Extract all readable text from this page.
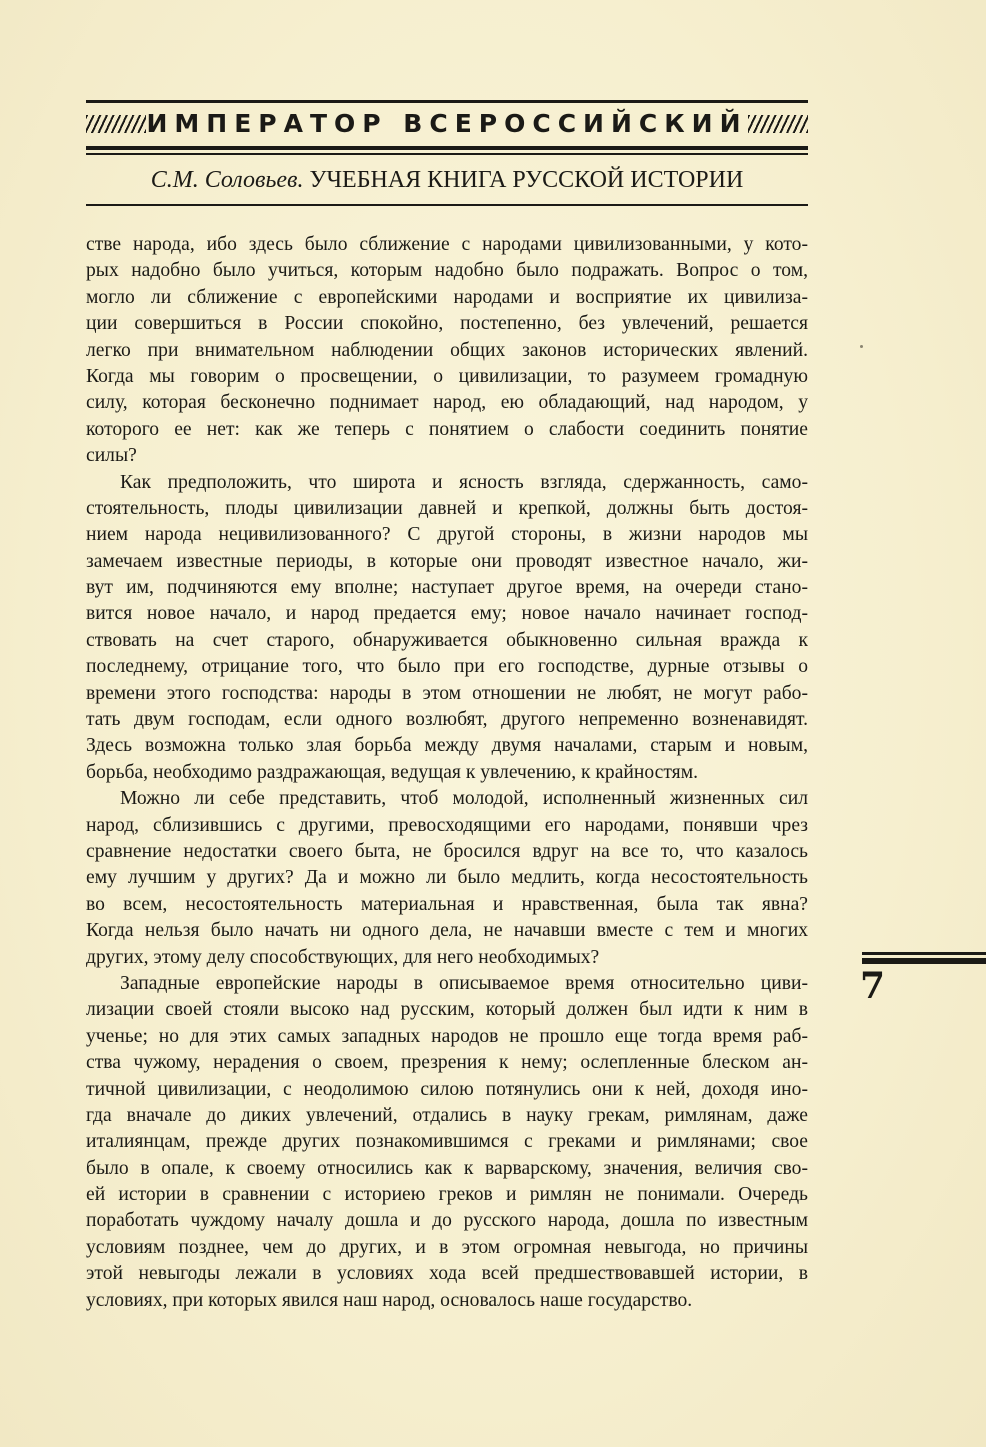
ИМПЕРАТОР ВСЕРОССИЙСКИЙ
С.М. Соловьев. УЧЕБНАЯ КНИГА РУССКОЙ ИСТОРИИ
стве народа, ибо здесь было сближение с народами цивилизованными, у кото-
рых надобно было учиться, которым надобно было подражать. Вопрос о том,
могло ли сближение с европейскими народами и восприятие их цивилиза-
ции совершиться в России спокойно, постепенно, без увлечений, решается
легко при внимательном наблюдении общих законов исторических явлений.
Когда мы говорим о просвещении, о цивилизации, то разумеем громадную
силу, которая бесконечно поднимает народ, ею обладающий, над народом, у
которого ее нет: как же теперь с понятием о слабости соединить понятие
силы?
Как предположить, что широта и ясность взгляда, сдержанность, само-
стоятельность, плоды цивилизации давней и крепкой, должны быть достоя-
нием народа нецивилизованного? С другой стороны, в жизни народов мы
замечаем известные периоды, в которые они проводят известное начало, жи-
вут им, подчиняются ему вполне; наступает другое время, на очереди стано-
вится новое начало, и народ предается ему; новое начало начинает господ-
ствовать на счет старого, обнаруживается обыкновенно сильная вражда к
последнему, отрицание того, что было при его господстве, дурные отзывы о
времени этого господства: народы в этом отношении не любят, не могут рабо-
тать двум господам, если одного возлюбят, другого непременно возненавидят.
Здесь возможна только злая борьба между двумя началами, старым и новым,
борьба, необходимо раздражающая, ведущая к увлечению, к крайностям.
Можно ли себе представить, чтоб молодой, исполненный жизненных сил
народ, сблизившись с другими, превосходящими его народами, понявши чрез
сравнение недостатки своего быта, не бросился вдруг на все то, что казалось
ему лучшим у других? Да и можно ли было медлить, когда несостоятельность
во всем, несостоятельность материальная и нравственная, была так явна?
Когда нельзя было начать ни одного дела, не начавши вместе с тем и многих
других, этому делу способствующих, для него необходимых?
Западные европейские народы в описываемое время относительно циви-
лизации своей стояли высоко над русским, который должен был идти к ним в
ученье; но для этих самых западных народов не прошло еще тогда время раб-
ства чужому, нерадения о своем, презрения к нему; ослепленные блеском ан-
тичной цивилизации, с неодолимою силою потянулись они к ней, доходя ино-
гда вначале до диких увлечений, отдались в науку грекам, римлянам, даже
италиянцам, прежде других познакомившимся с греками и римлянами; свое
было в опале, к своему относились как к варварскому, значения, величия сво-
ей истории в сравнении с историею греков и римлян не понимали. Очередь
поработать чуждому началу дошла и до русского народа, дошла по известным
условиям позднее, чем до других, и в этом огромная невыгода, но причины
этой невыгоды лежали в условиях хода всей предшествовавшей истории, в
условиях, при которых явился наш народ, основалось наше государство.
7
